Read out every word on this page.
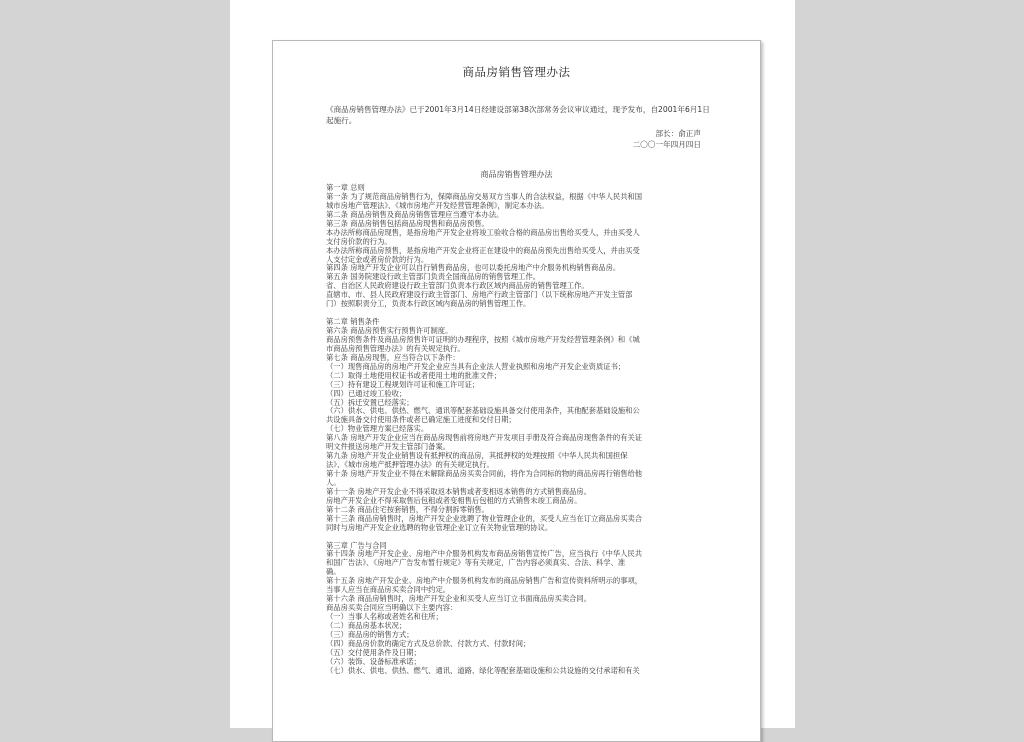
商品房销售管理办法
《商品房销售管理办法》已于2001年3月14日经建设部第38次部常务会议审议通过，现予发布，自2001年6月1日起施行。
部长：俞正声
二〇〇一年四月四日
商品房销售管理办法
第一章 总则
第一条 为了规范商品房销售行为，保障商品房交易双方当事人的合法权益，根据《中华人民共和国
城市房地产管理法》、《城市房地产开发经营管理条例》，制定本办法。
第二条 商品房销售及商品房销售管理应当遵守本办法。
第三条 商品房销售包括商品房现售和商品房预售。
本办法所称商品房现售，是指房地产开发企业将竣工验收合格的商品房出售给买受人，并由买受人
支付房价款的行为。
本办法所称商品房预售，是指房地产开发企业将正在建设中的商品房预先出售给买受人，并由买受
人支付定金或者房价款的行为。
第四条 房地产开发企业可以自行销售商品房，也可以委托房地产中介服务机构销售商品房。
第五条 国务院建设行政主管部门负责全国商品房的销售管理工作。
省、自治区人民政府建设行政主管部门负责本行政区域内商品房的销售管理工作。
直辖市、市、县人民政府建设行政主管部门、房地产行政主管部门（以下统称房地产开发主管部
门）按照职责分工，负责本行政区域内商品房的销售管理工作。
第二章 销售条件
第六条 商品房预售实行预售许可制度。
商品房预售条件及商品房预售许可证明的办理程序，按照《城市房地产开发经营管理条例》和《城
市商品房预售管理办法》的有关规定执行。
第七条 商品房现售，应当符合以下条件：
（一）现售商品房的房地产开发企业应当具有企业法人营业执照和房地产开发企业资质证书；
（二）取得土地使用权证书或者使用土地的批准文件；
（三）持有建设工程规划许可证和施工许可证；
（四）已通过竣工验收；
（五）拆迁安置已经落实；
（六）供水、供电、供热、燃气、通讯等配套基础设施具备交付使用条件，其他配套基础设施和公
共设施具备交付使用条件或者已确定施工进度和交付日期；
（七）物业管理方案已经落实。
第八条 房地产开发企业应当在商品房现售前将房地产开发项目手册及符合商品房现售条件的有关证
明文件报送房地产开发主管部门备案。
第九条 房地产开发企业销售设有抵押权的商品房，其抵押权的处理按照《中华人民共和国担保
法》、《城市房地产抵押管理办法》的有关规定执行。
第十条 房地产开发企业不得在未解除商品房买卖合同前，将作为合同标的物的商品房再行销售给他
人。
第十一条 房地产开发企业不得采取返本销售或者变相返本销售的方式销售商品房。
房地产开发企业不得采取售后包租或者变相售后包租的方式销售未竣工商品房。
第十二条 商品住宅按套销售，不得分割拆零销售。
第十三条 商品房销售时，房地产开发企业选聘了物业管理企业的，买受人应当在订立商品房买卖合
同时与房地产开发企业选聘的物业管理企业订立有关物业管理的协议。
第三章 广告与合同
第十四条 房地产开发企业、房地产中介服务机构发布商品房销售宣传广告，应当执行《中华人民共
和国广告法》、《房地产广告发布暂行规定》等有关规定，广告内容必须真实、合法、科学、准
确。
第十五条 房地产开发企业、房地产中介服务机构发布的商品房销售广告和宣传资料所明示的事项，
当事人应当在商品房买卖合同中约定。
第十六条 商品房销售时，房地产开发企业和买受人应当订立书面商品房买卖合同。
商品房买卖合同应当明确以下主要内容：
（一）当事人名称或者姓名和住所；
（二）商品房基本状况；
（三）商品房的销售方式；
（四）商品房价款的确定方式及总价款、付款方式、付款时间；
（五）交付使用条件及日期；
（六）装饰、设备标准承诺；
（七）供水、供电、供热、燃气、通讯、道路、绿化等配套基础设施和公共设施的交付承诺和有关
